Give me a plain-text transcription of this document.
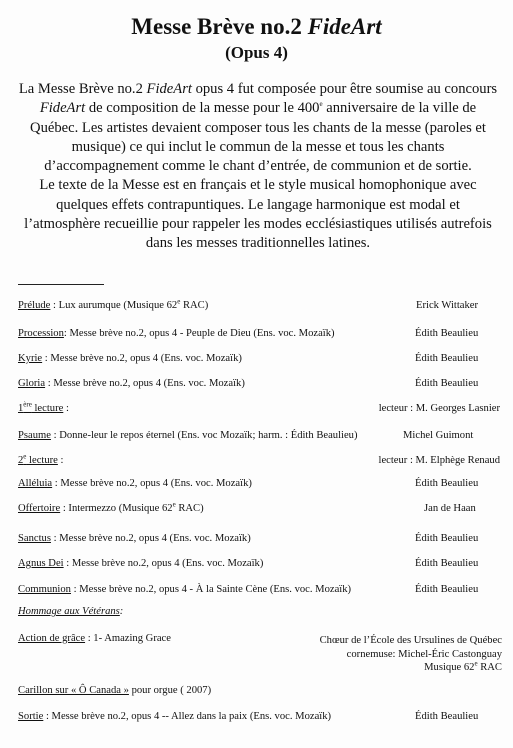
Messe Brève no.2 FideArt
(Opus 4)

La Messe Brève no.2 FideArt opus 4 fut composée pour être soumise au concours FideArt de composition de la messe pour le 400e anniversaire de la ville de Québec. Les artistes devaient composer tous les chants de la messe (paroles et musique) ce qui inclut le commun de la messe et tous les chants d’accompagnement comme le chant d’entrée, de communion et de sortie.

Le texte de la Messe est en français et le style musical homophonique avec quelques effets contrapuntiques. Le langage harmonique est modal et l’atmosphère recueillie pour rappeler les modes ecclésiastiques utilisés autrefois dans les messes traditionnelles latines.

Prélude : Lux aurumque (Musique 62e RAC)	Erick Wittaker
Procession: Messe brève no.2, opus 4 - Peuple de Dieu (Ens. voc. Mozaïk)	Édith Beaulieu
Kyrie : Messe brève no.2, opus 4 (Ens. voc. Mozaïk)	Édith Beaulieu
Gloria : Messe brève no.2, opus 4 (Ens. voc. Mozaïk)	Édith Beaulieu
1ère lecture :	lecteur : M. Georges Lasnier
Psaume : Donne-leur le repos éternel (Ens. voc Mozaïk; harm. : Édith Beaulieu)	Michel Guimont
2e lecture :	lecteur : M. Elphège Renaud
Alléluia : Messe brève no.2, opus 4 (Ens. voc. Mozaïk)	Édith Beaulieu
Offertoire : Intermezzo (Musique 62e RAC)	Jan de Haan
Sanctus : Messe brève no.2, opus 4 (Ens. voc. Mozaïk)	Édith Beaulieu
Agnus Dei : Messe brève no.2, opus 4 (Ens. voc. Mozaïk)	Édith Beaulieu
Communion : Messe brève no.2, opus 4 - À la Sainte Cène (Ens. voc. Mozaïk)	Édith Beaulieu
Hommage aux Vétérans:
Action de grâce : 1- Amazing Grace	Chœur de l’École des Ursulines de Québec
cornemuse: Michel-Éric Castonguay
Musique 62e RAC
Carillon sur « Ô Canada » pour orgue ( 2007)
Sortie : Messe brève no.2, opus 4 -- Allez dans la paix (Ens. voc. Mozaïk)	Édith Beaulieu
